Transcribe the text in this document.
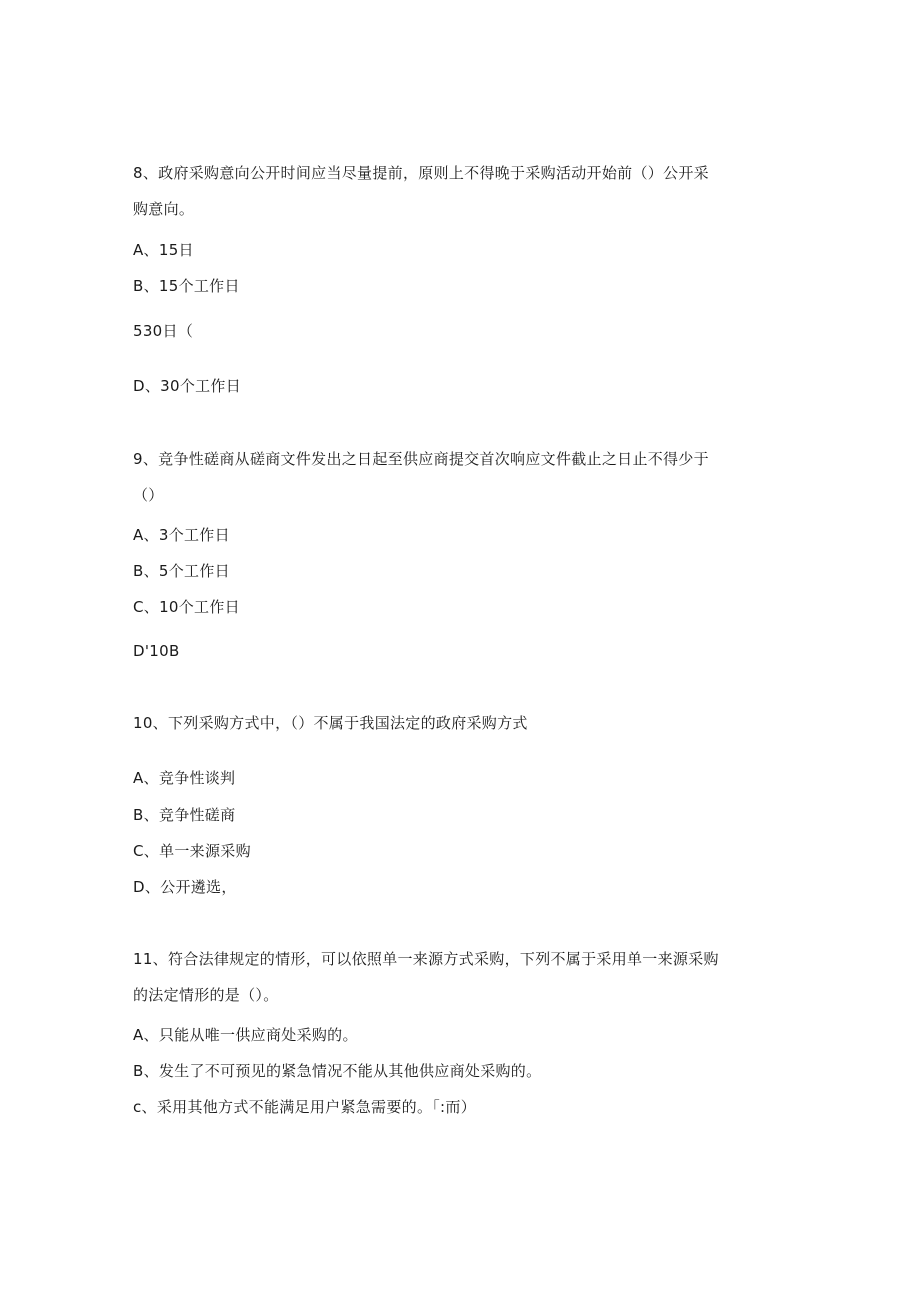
8、政府采购意向公开时间应当尽量提前，原则上不得晚于采购活动开始前（）公开采
购意向。
A、15日
B、15个工作日
530日（
D、30个工作日
9、竞争性磋商从磋商文件发出之日起至供应商提交首次响应文件截止之日止不得少于
（）
A、3个工作日
B、5个工作日
C、10个工作日
D'10B
10、下列采购方式中，（）不属于我国法定的政府采购方式
A、竞争性谈判
B、竞争性磋商
C、单一来源采购
D、公开遴选，
11、符合法律规定的情形，可以依照单一来源方式采购，下列不属于采用单一来源采购
的法定情形的是（）。
A、只能从唯一供应商处采购的。
B、发生了不可预见的紧急情况不能从其他供应商处采购的。
c、采用其他方式不能满足用户紧急需要的。「:而）
